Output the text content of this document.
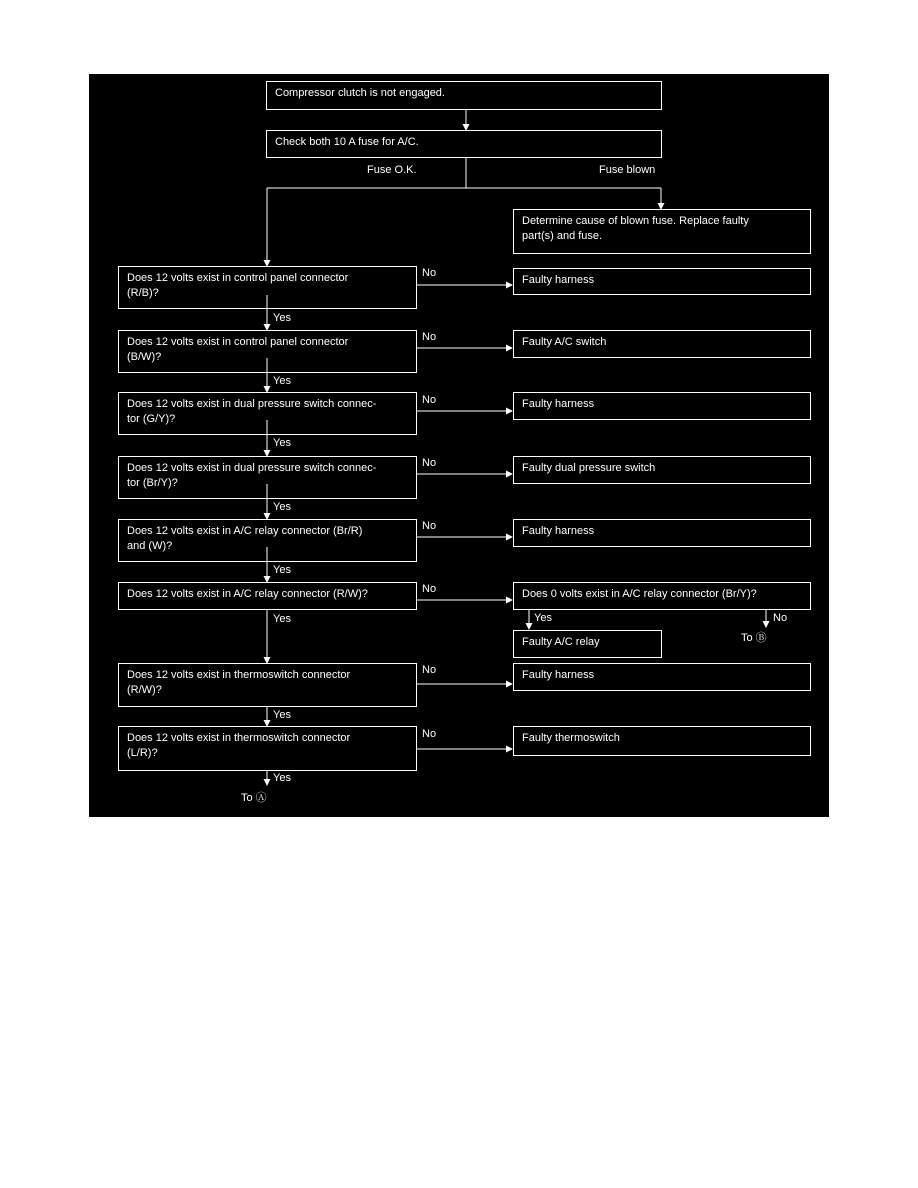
Compressor clutch is not engaged.
Check both 10 A fuse for A/C.
Fuse O.K.	Fuse blown
Determine cause of blown fuse. Replace faulty
part(s) and fuse.
Does 12 volts exist in control panel connector
(R/B)?
No
Faulty harness
Yes
Does 12 volts exist in control panel connector
(B/W)?
No	Faulty A/C switch
Yes
Does 12 volts exist in dual pressure switch connec-
tor (G/Y)?
No	Faulty harness
Yes
Does 12 volts exist in dual pressure switch connec-
tor (Br/Y)?
No	Faulty dual pressure switch
Yes
Does 12 volts exist in A/C relay connector (Br/R)
and (W)?
No	Faulty harness
Yes
Does 12 volts exist in A/C relay connector (R/W)?	No	Does 0 volts exist in A/C relay connector (Br/Y)?
Yes	Yes	No
Faulty A/C relay	To Ⓑ
Does 12 volts exist in thermoswitch connector
(R/W)?
No	Faulty harness
Yes
Does 12 volts exist in thermoswitch connector
(L/R)?
No	Faulty thermoswitch
Yes
To Ⓐ
